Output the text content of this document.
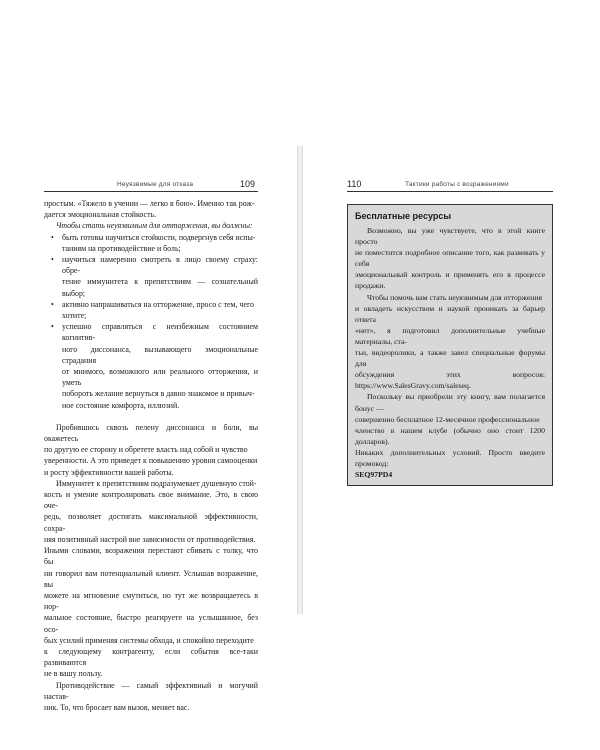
Неуязвимые для отказа	109

простым. «Тяжело в учении — легко в бою». Именно так рож-
дается эмоциональная стойкость.

Чтобы стать неуязвимым для отторжения, вы должны:

• быть готовы научиться стойкости, подвергнув себя испы-
таниям на противодействие и боль;
• научиться намеренно смотреть в лицо своему страху: обре-
тение иммунитета к препятствиям — сознательный выбор;
• активно напрашиваться на отторжение, просо с тем, чего
хотите;
• успешно справляться с неизбежным состоянием когнитив-
ного диссонанса, вызывающего эмоциональные страдания
от мнимого, возможного или реального отторжения, и уметь
побороть желание вернуться в давно знакомое и привыч-
ное состояние комфорта, иллюзий.

Пробившись сквозь пелену диссонанса и боли, вы окажетесь
по другую ее сторону и обретете власть над собой и чувство
уверенности. А это приведет к повышению уровня самооценки
и росту эффективности вашей работы.

Иммунитет к препятствиям подразумевает душевную стой-
кость и умение контролировать свое внимание. Это, в свою оче-
редь, позволяет достигать максимальной эффективности, сохра-
няя позитивный настрой вне зависимости от противодействия.
Иными словами, возражения перестают сбивать с толку, что бы
ни говорил вам потенциальный клиент. Услышав возражение, вы
можете на мгновение смутиться, но тут же возвращаетесь в нор-
мальное состояние, быстро реагируете на услышанное, без осо-
бых усилий применяя системы обхода, и спокойно переходите
к следующему контрагенту, если события все-таки развиваются
не в вашу пользу.

Противодействие — самый эффективный и могучий настав-
ник. То, что бросает вам вызов, меняет вас.

110	Тактики работы с возражениями
Бесплатные ресурсы

Возможно, вы уже чувствуете, что в этой книге просто
не поместится подробное описание того, как развивать у себя
эмоциональный контроль и применять его в процессе продажи.

Чтобы помочь вам стать неуязвимым для отторжения
и овладеть искусством и наукой проникать за барьер ответа
«нет», я подготовил дополнительные учебные материалы, ста-
тьи, видеоролики, а также завел специальные форумы для
обсуждения этих вопросов: https://www.SalesGravy.com/salesеq.

Поскольку вы приобрели эту книгу, вам полагается бонус —
совершенно бесплатное 12-месячное профессиональное
членство в нашем клубе (обычно оно стоит 1200 долларов).
Никаких дополнительных условий. Просто введите промокод:
SEQ97PD4
